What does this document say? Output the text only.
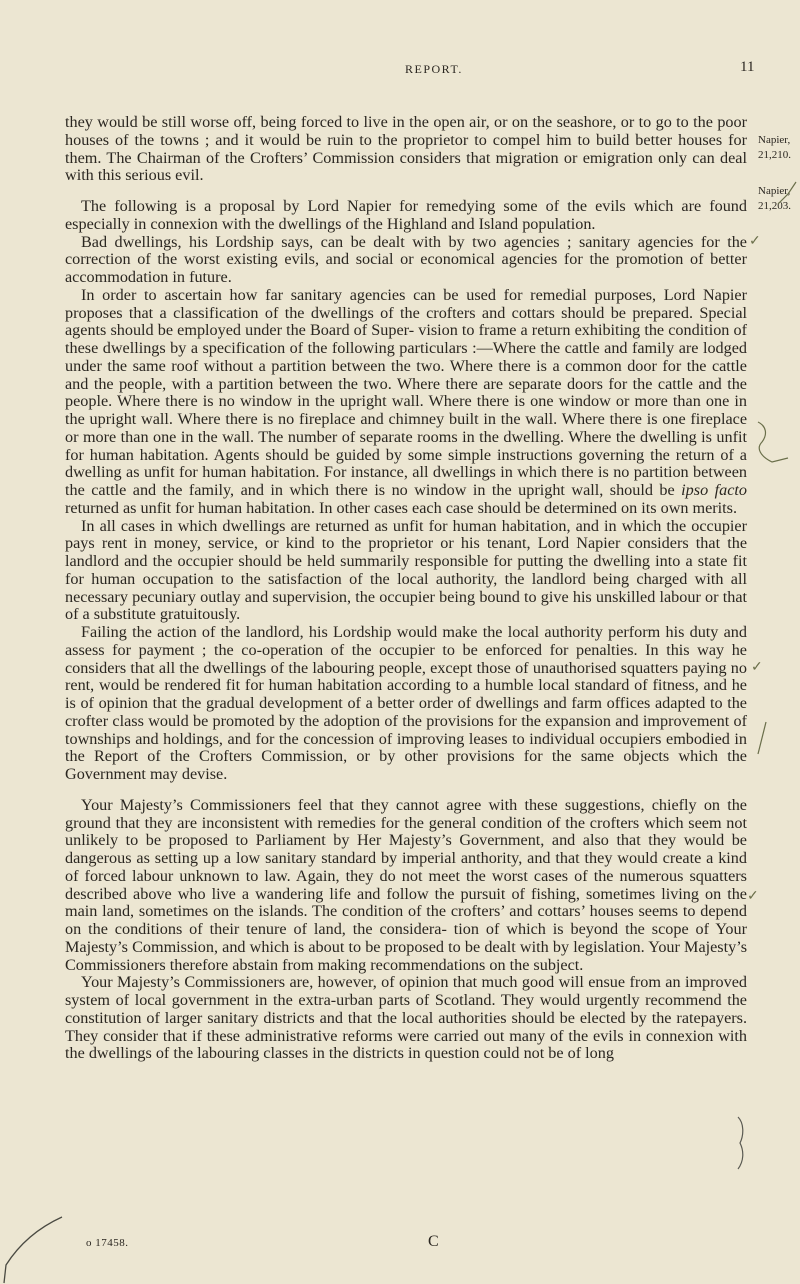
REPORT.	11

they would be still worse off, being forced to live in the open air, or on the seashore, or to go to the poor houses of the towns ; and it would be ruin to the proprietor to compel him to build better houses for them. The Chairman of the Crofters’ Commission considers that migration or emigration only can deal with this serious evil.

The following is a proposal by Lord Napier for remedying some of the evils which are found especially in connexion with the dwellings of the Highland and Island population.

Bad dwellings, his Lordship says, can be dealt with by two agencies ; sanitary agencies for the correction of the worst existing evils, and social or economical agencies for the promotion of better accommodation in future.

In order to ascertain how far sanitary agencies can be used for remedial purposes, Lord Napier proposes that a classification of the dwellings of the crofters and cottars should be prepared. Special agents should be employed under the Board of Super- vision to frame a return exhibiting the condition of these dwellings by a specification of the following particulars :—Where the cattle and family are lodged under the same roof without a partition between the two. Where there is a common door for the cattle and the people, with a partition between the two. Where there are separate doors for the cattle and the people. Where there is no window in the upright wall. Where there is one window or more than one in the upright wall. Where there is no fireplace and chimney built in the wall. Where there is one fireplace or more than one in the wall. The number of separate rooms in the dwelling. Where the dwelling is unfit for human habitation. Agents should be guided by some simple instructions governing the return of a dwelling as unfit for human habitation. For instance, all dwellings in which there is no partition between the cattle and the family, and in which there is no window in the upright wall, should be ipso facto returned as unfit for human habitation. In other cases each case should be determined on its own merits.

In all cases in which dwellings are returned as unfit for human habitation, and in which the occupier pays rent in money, service, or kind to the proprietor or his tenant, Lord Napier considers that the landlord and the occupier should be held summarily responsible for putting the dwelling into a state fit for human occupation to the satisfaction of the local authority, the landlord being charged with all necessary pecuniary outlay and supervision, the occupier being bound to give his unskilled labour or that of a substitute gratuitously.

Failing the action of the landlord, his Lordship would make the local authority perform his duty and assess for payment ; the co-operation of the occupier to be enforced for penalties. In this way he considers that all the dwellings of the labouring people, except those of unauthorised squatters paying no rent, would be rendered fit for human habitation according to a humble local standard of fitness, and he is of opinion that the gradual development of a better order of dwellings and farm offices adapted to the crofter class would be promoted by the adoption of the provisions for the expansion and improvement of townships and holdings, and for the concession of improving leases to individual occupiers embodied in the Report of the Crofters Commission, or by other provisions for the same objects which the Government may devise.

Your Majesty’s Commissioners feel that they cannot agree with these suggestions, chiefly on the ground that they are inconsistent with remedies for the general condition of the crofters which seem not unlikely to be proposed to Parliament by Her Majesty’s Government, and also that they would be dangerous as setting up a low sanitary standard by imperial anthority, and that they would create a kind of forced labour unknown to law. Again, they do not meet the worst cases of the numerous squatters described above who live a wandering life and follow the pursuit of fishing, sometimes living on the main land, sometimes on the islands. The condition of the crofters’ and cottars’ houses seems to depend on the conditions of their tenure of land, the considera- tion of which is beyond the scope of Your Majesty’s Commission, and which is about to be proposed to be dealt with by legislation. Your Majesty’s Commissioners therefore abstain from making recommendations on the subject.

Your Majesty’s Commissioners are, however, of opinion that much good will ensue from an improved system of local government in the extra-urban parts of Scotland. They would urgently recommend the constitution of larger sanitary districts and that the local authorities should be elected by the ratepayers. They consider that if these administrative reforms were carried out many of the evils in connexion with the dwellings of the labouring classes in the districts in question could not be of long

Napier,
21,210.
Napier,
21,203.
✓
✓
✓
o 17458.	C
